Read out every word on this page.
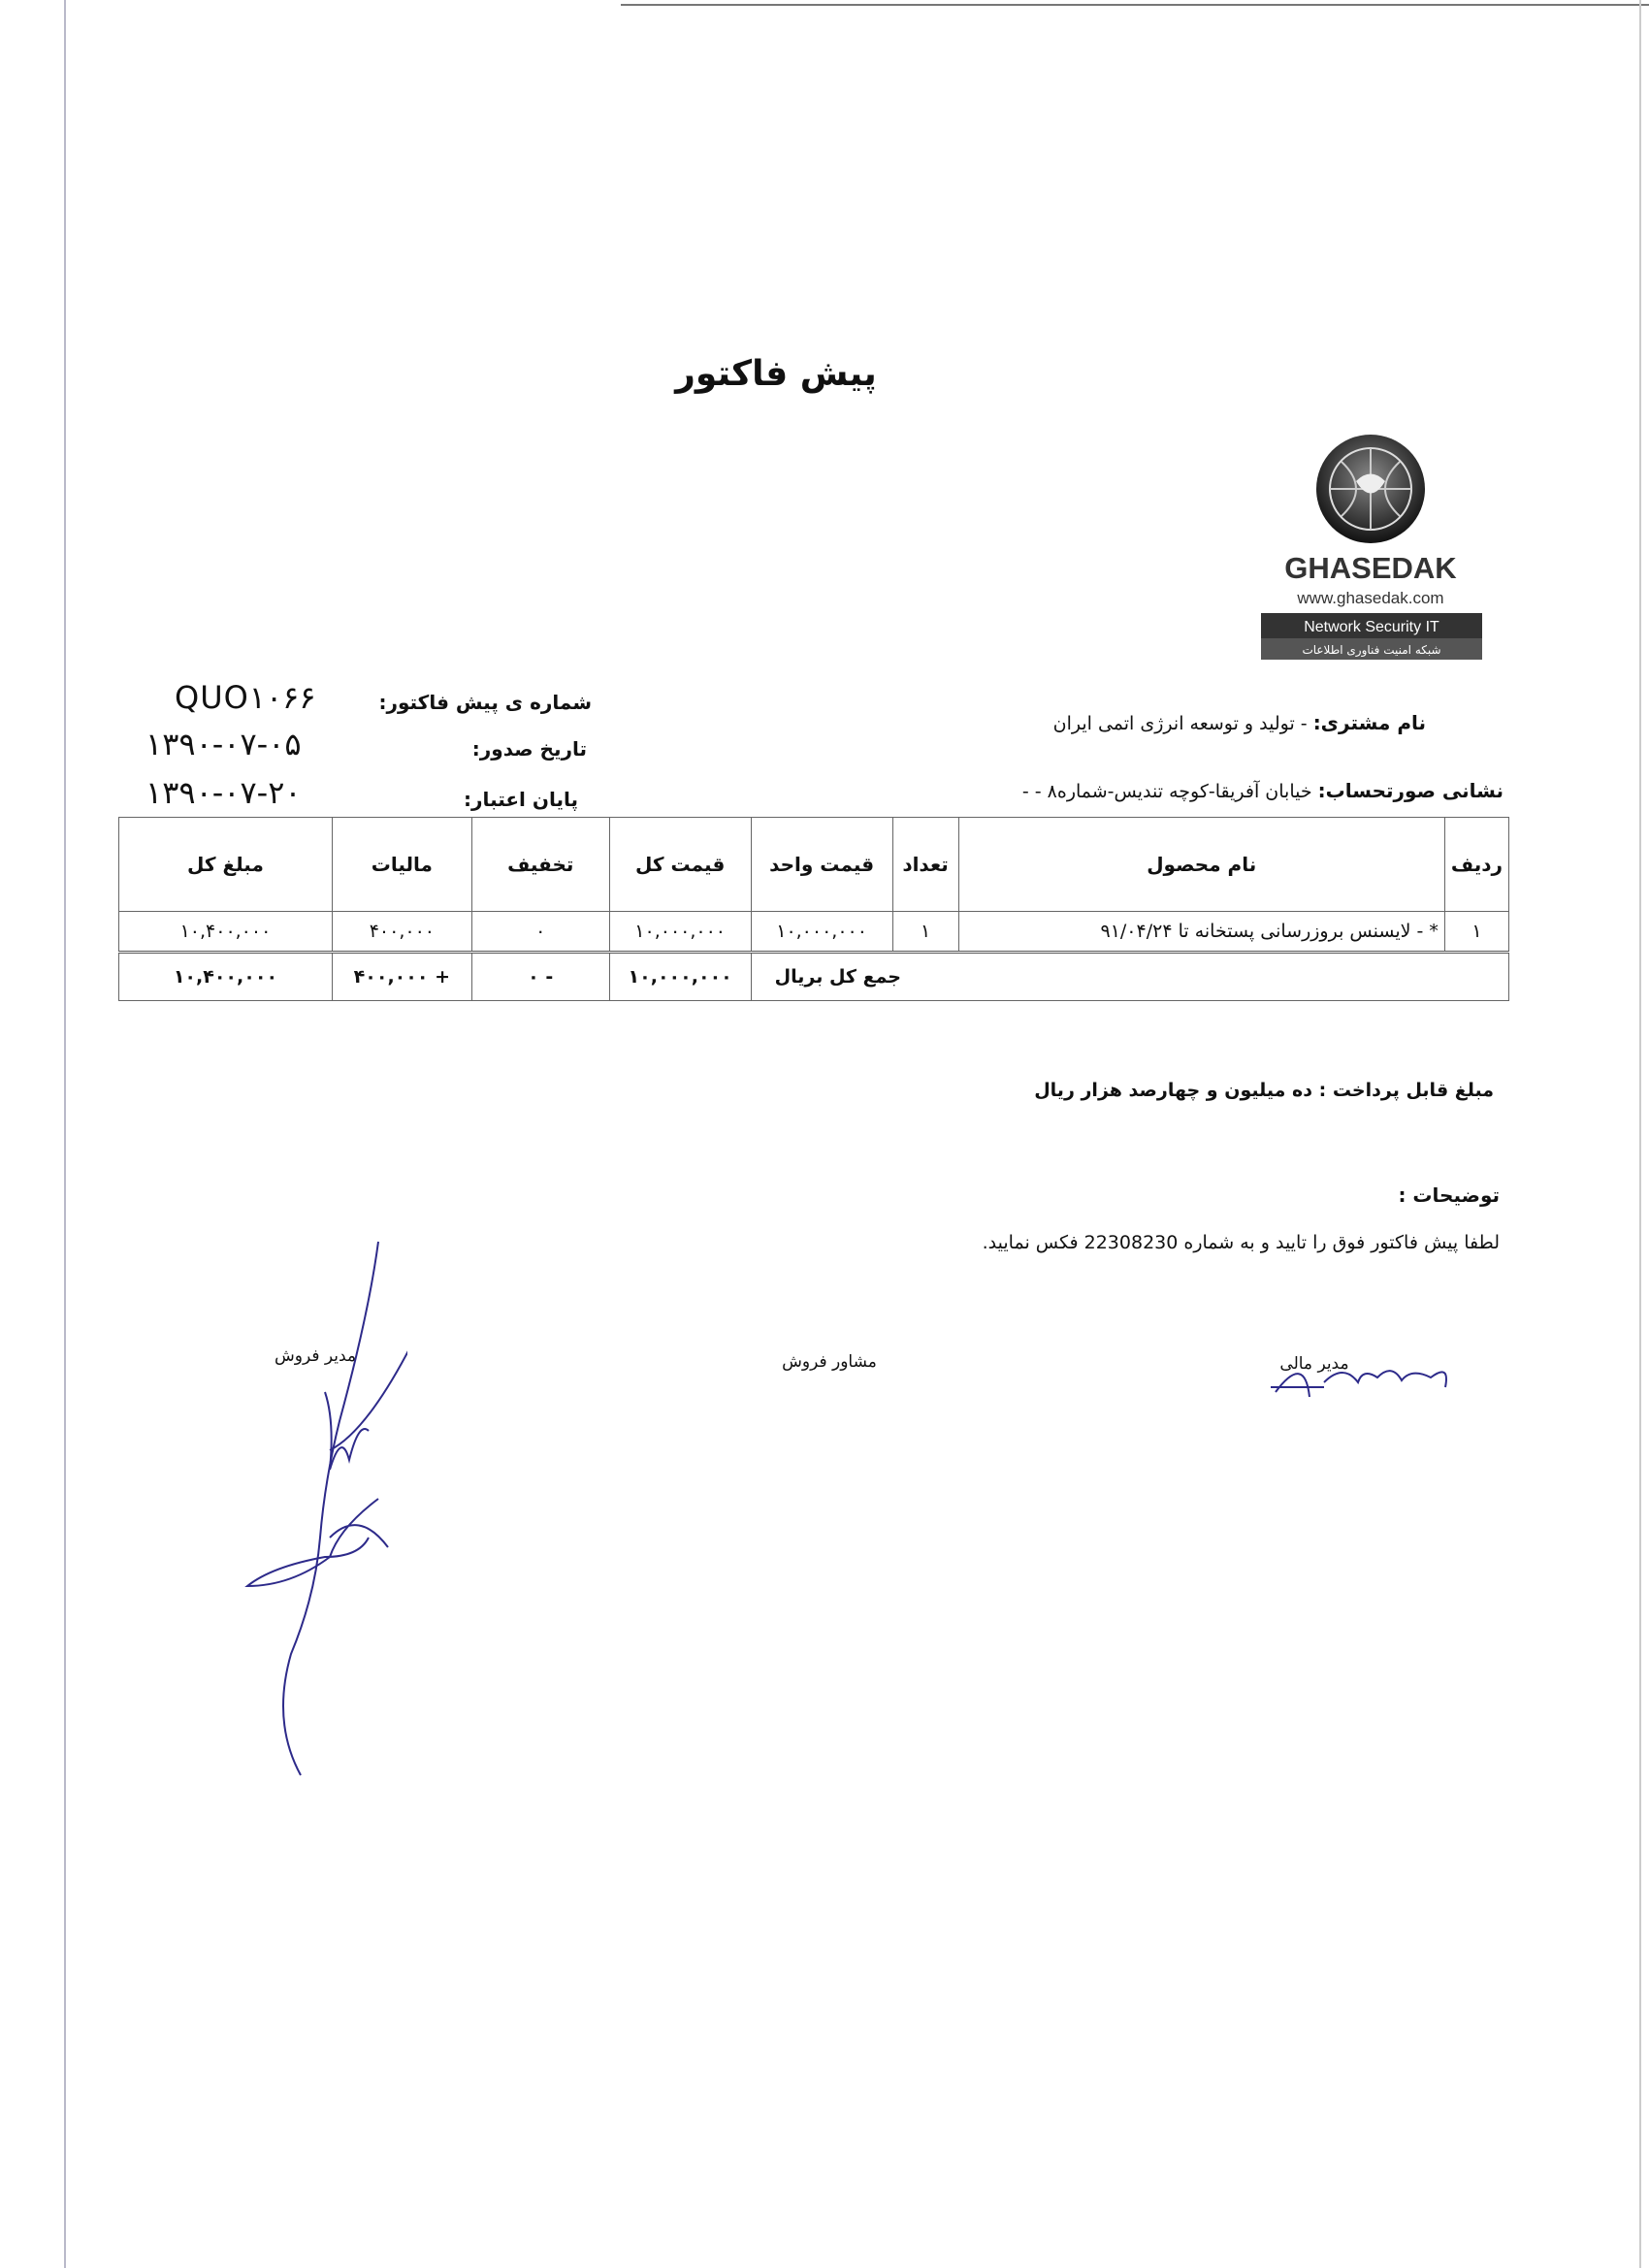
پیش فاکتور
GHASEDAK
www.ghasedak.com
Network Security IT
شبکه امنیت فناوری اطلاعات
شماره ی پیش فاکتور:
QUO۱۰۶۶
تاریخ صدور:
۱۳۹۰-۰۷-۰۵
پایان اعتبار:
۱۳۹۰-۰۷-۲۰
نام مشتری: - تولید و توسعه انرژی اتمی ایران
نشانی صورتحساب: خیابان آفریقا-کوچه تندیس-شماره۸ - -
ردیف	نام محصول	تعداد	قیمت واحد	قیمت کل	تخفیف	مالیات	مبلغ کل
۱	* - لایسنس بروزرسانی پستخانه تا ۹۱/۰۴/۲۴	۱	۱۰,۰۰۰,۰۰۰	۱۰,۰۰۰,۰۰۰	۰	۴۰۰,۰۰۰	۱۰,۴۰۰,۰۰۰
جمع کل بریال				۱۰,۰۰۰,۰۰۰	- ۰	+ ۴۰۰,۰۰۰	۱۰,۴۰۰,۰۰۰
مبلغ قابل پرداخت : ده میلیون و چهارصد هزار ریال
توضیحات :
لطفا پیش فاکتور فوق را تایید و به شماره 22308230 فکس نمایید.
مدیر فروش	مشاور فروش	مدیر مالی
